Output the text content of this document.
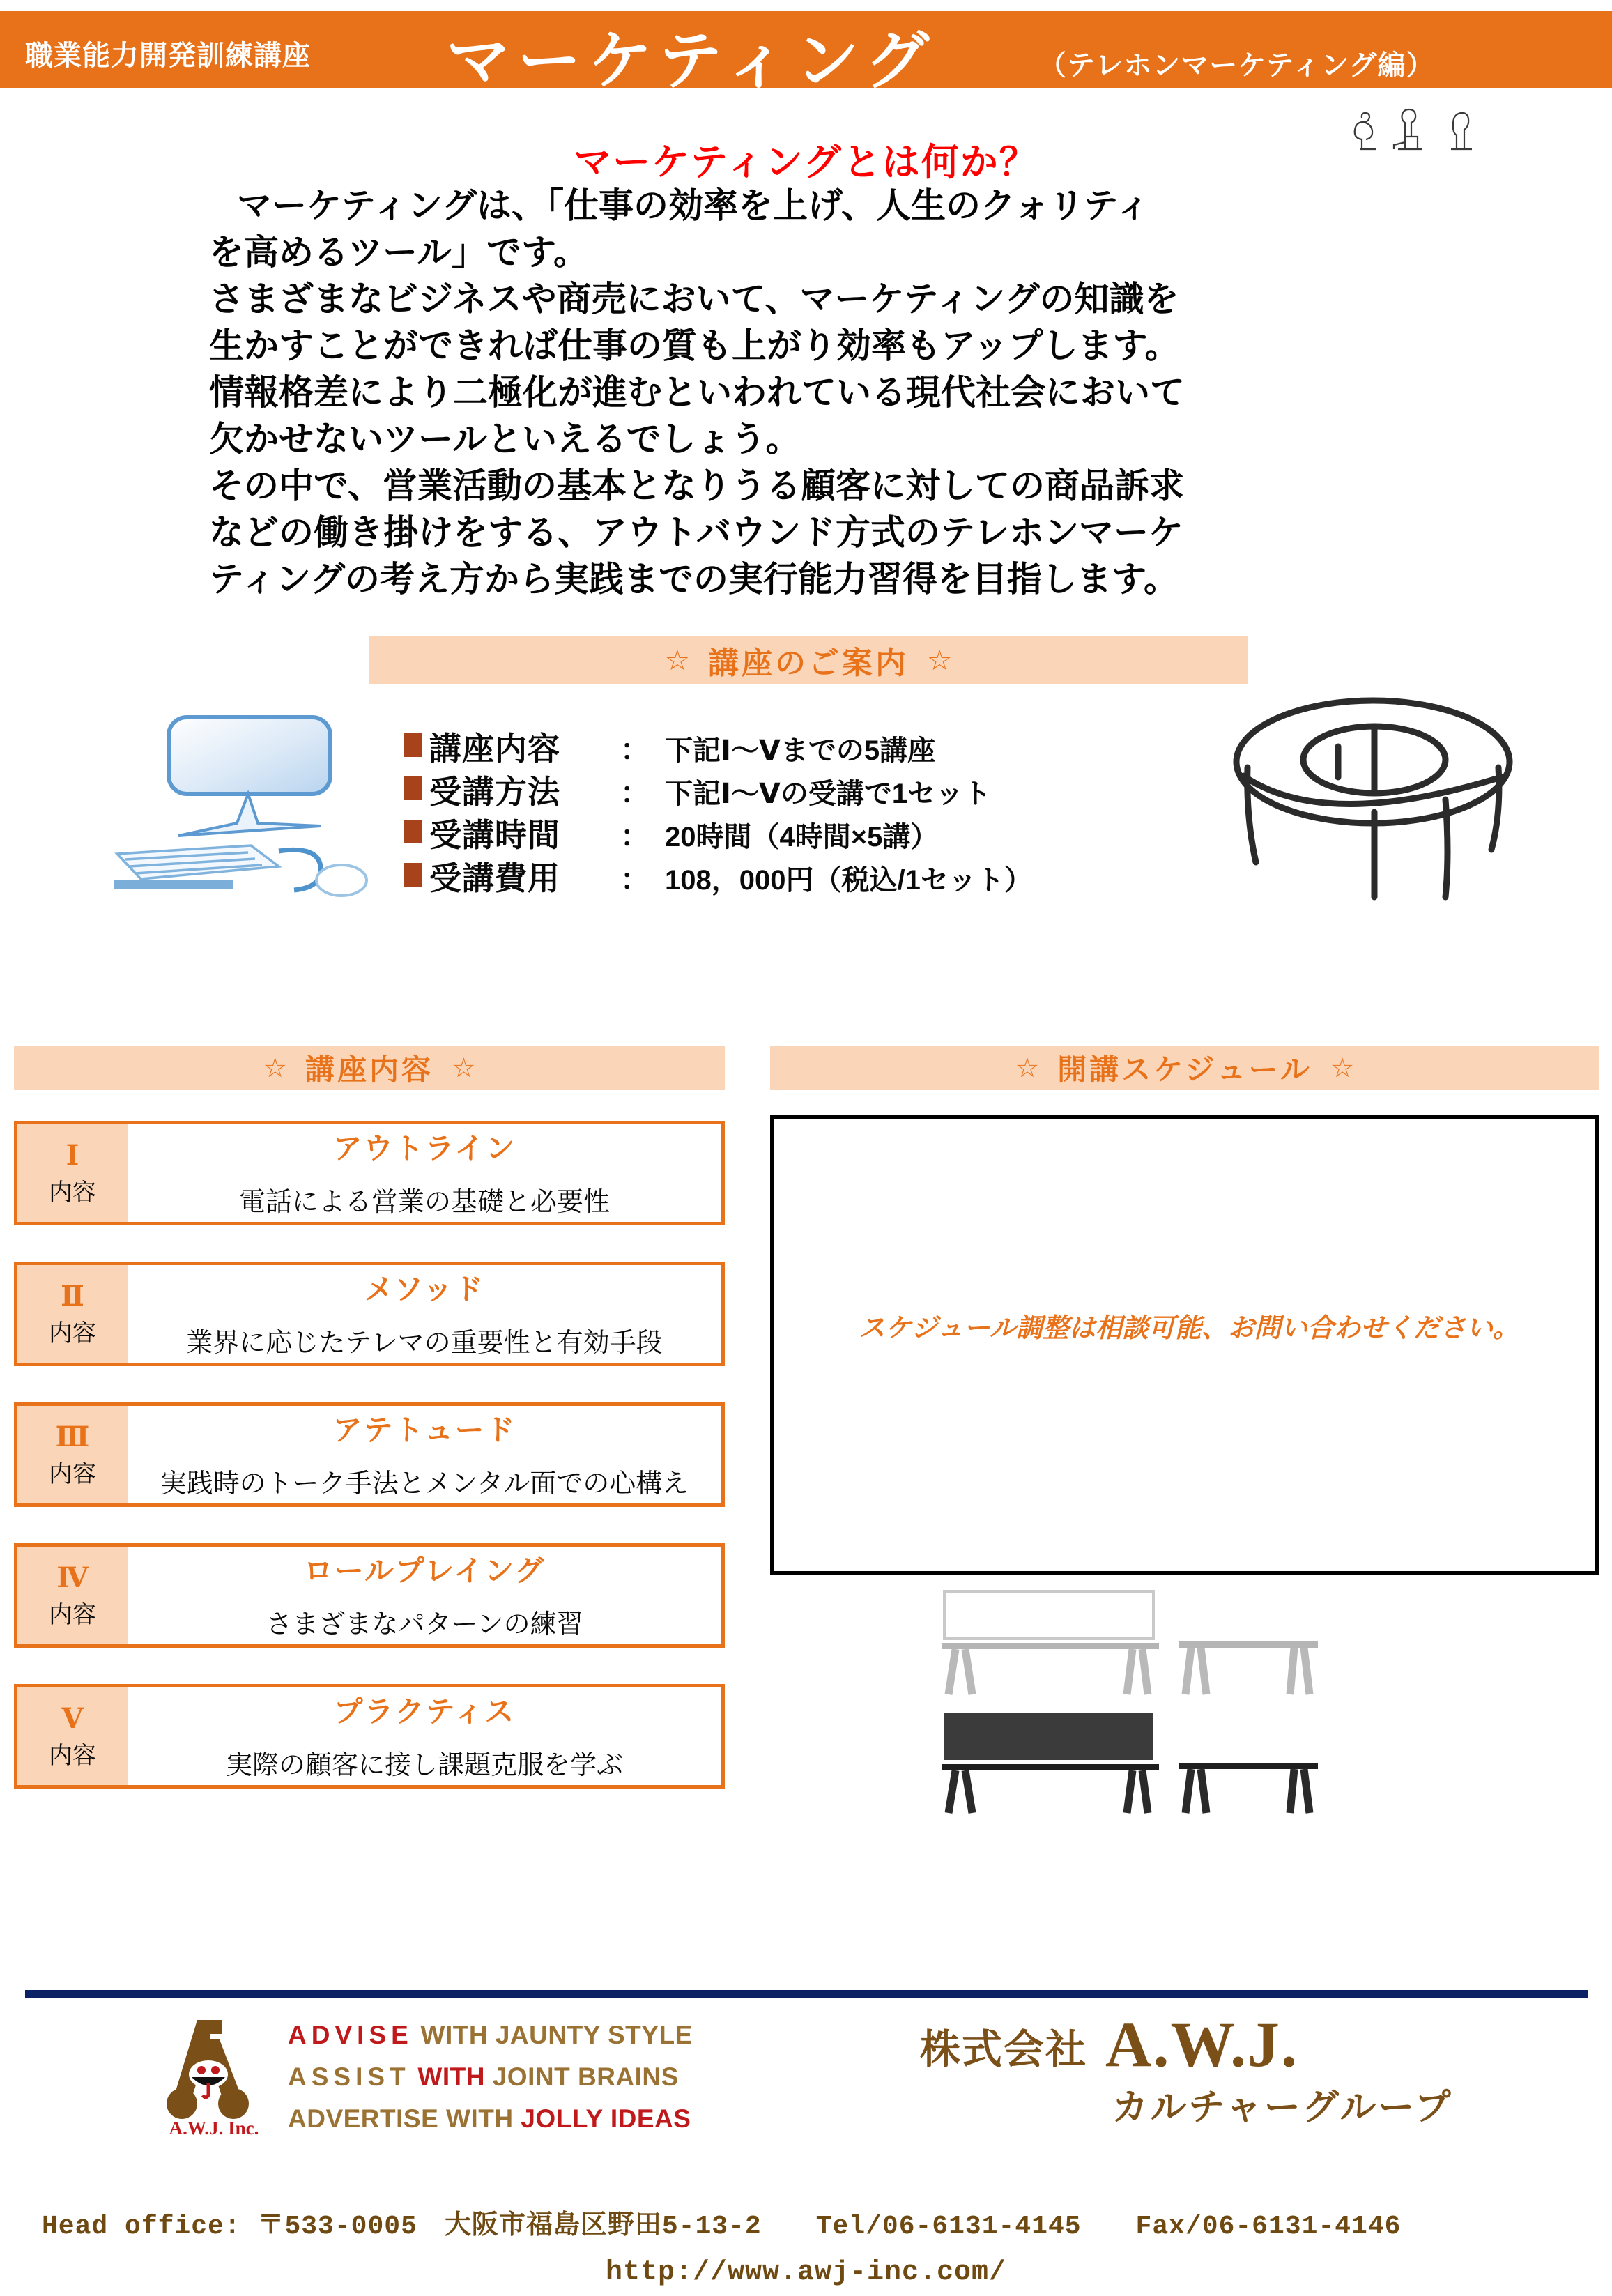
職業能力開発訓練講座 マーケティング	（テレホンマーケティング編）
マーケティングとは何か？

マーケティングは、「仕事の効率を上げ、人生のクォリティ

を高めるツール」です。

さまざまなビジネスや商売において、マーケティングの知識を

生かすことができれば仕事の質も上がり効率もアップします。

情報格差により二極化が進むといわれている現代社会において

欠かせないツールといえるでしょう。

その中で、営業活動の基本となりうる顧客に対しての商品訴求

などの働き掛けをする、アウトバウンド方式のテレホンマーケ

ティングの考え方から実践までの実行能力習得を目指します。

☆ 講座のご案内 ☆
講座内容	： 下記Ⅰ～Ⅴまでの5講座
受講方法	： 下記Ⅰ～Ⅴの受講で1セット
受講時間	： 20時間（4時間×5講）
受講費用	： 108，000円（税込/1セット）
☆ 講座内容 ☆	☆ 開講スケジュール ☆
Ⅰ
内容
アウトライン
電話による営業の基礎と必要性
Ⅱ
内容
メソッド
業界に応じたテレマの重要性と有効手段
Ⅲ
内容
アテトュード
実践時のトーク手法とメンタル面での心構え
Ⅳ
内容
ロールプレイング
さまざまなパターンの練習
Ⅴ
内容
プラクティス
実際の顧客に接し課題克服を学ぶ
スケジュール調整は相談可能、お問い合わせください。
A.W.J. Inc.
ADVISE WITH JAUNTY STYLE
ASSIST WITH JOINT BRAINS
ADVERTISE WITH JOLLY IDEAS
株式会社 A.W.J.
カルチャーグループ
Head office: 〒533-0005　大阪市福島区野田5-13-2　　Tel/06-6131-4145　　Fax/06-6131-4146
http://www.awj-inc.com/
